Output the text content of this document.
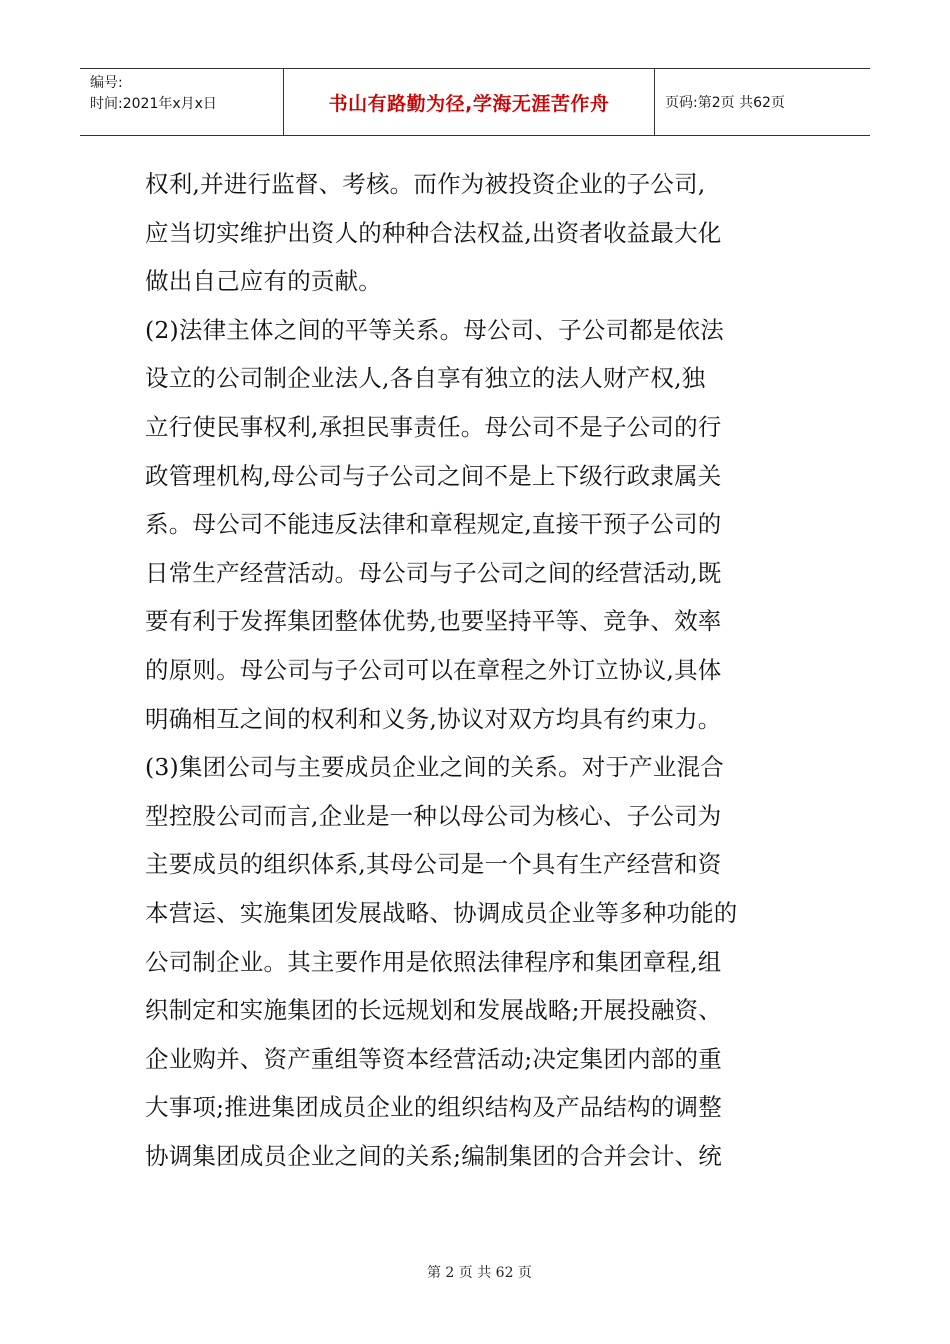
编号:
时间:2021年x月x日	书山有路勤为径,学海无涯苦作舟	页码:第2页 共62页
权利,并进行监督、考核。而作为被投资企业的子公司,
应当切实维护出资人的种种合法权益,出资者收益最大化
做出自己应有的贡献。
(2)法律主体之间的平等关系。母公司、子公司都是依法
设立的公司制企业法人,各自享有独立的法人财产权,独
立行使民事权利,承担民事责任。母公司不是子公司的行
政管理机构,母公司与子公司之间不是上下级行政隶属关
系。母公司不能违反法律和章程规定,直接干预子公司的
日常生产经营活动。母公司与子公司之间的经营活动,既
要有利于发挥集团整体优势,也要坚持平等、竞争、效率
的原则。母公司与子公司可以在章程之外订立协议,具体
明确相互之间的权利和义务,协议对双方均具有约束力。
(3)集团公司与主要成员企业之间的关系。对于产业混合
型控股公司而言,企业是一种以母公司为核心、子公司为
主要成员的组织体系,其母公司是一个具有生产经营和资
本营运、实施集团发展战略、协调成员企业等多种功能的
公司制企业。其主要作用是依照法律程序和集团章程,组
织制定和实施集团的长远规划和发展战略;开展投融资、
企业购并、资产重组等资本经营活动;决定集团内部的重
大事项;推进集团成员企业的组织结构及产品结构的调整
协调集团成员企业之间的关系;编制集团的合并会计、统

第 2 页 共 62 页
